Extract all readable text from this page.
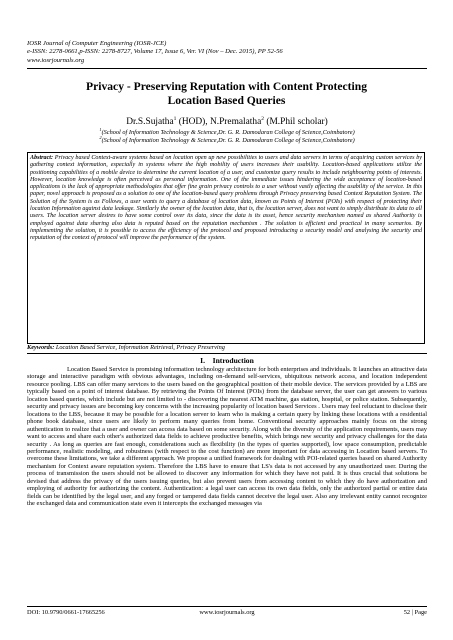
IOSR Journal of Computer Engineering (IOSR-JCE)
e-ISSN: 2278-0661,p-ISSN: 2278-8727, Volume 17, Issue 6, Ver. VI (Nov – Dec. 2015), PP 52-56
www.iosrjournals.org
Privacy - Preserving Reputation with Content Protecting
Location Based Queries
Dr.S.Sujatha$^1$ (HOD), N.Premalatha$^2$ (M.Phil scholar)
$^1$(School of Information Technology & Science,Dr. G. R. Damodaran College of Science,Coimbatore)
$^2$(School of Information Technology & Science,Dr. G. R. Damodaran College of Science,Coimbatore)
Abstract: Privacy based Context-aware systems based on location open up new possibilities to users and data servers in terms of acquiring custom services by gathering context information, especially in systems where the high mobility of users increases their usability. Location-based applications utilize the positioning capabilities of a mobile device to determine the current location of a user, and customize query results to include neighbouring points of interests. However, location knowledge is often perceived as personal information. One of the immediate issues hindering the wide acceptance of location-based applications is the lack of appropriate methodologies that offer fine grain privacy controls to a user without vastly affecting the usability of the service. In this paper, novel approach is proposed as a solution to one of the location-based query problems through Privacy preserving based Context Reputation System. The Solution of the System is as Follows, a user wants to query a database of location data, known as Points of Interest (POIs) with respect of protecting their location Information against data leakage. Similarly the owner of the location data, that is, the location server, does not want to simply distribute its data to all users. The location server desires to have some control over its data, since the data is its asset, hence security mechanism named as shared Authority is employed against data sharing also data is reputed based on the reputation mechanism . The solution is efficient and practical in many scenarios. By implementing the solution, it is possible to access the efficiency of the protocol and proposed introducing a security model and analysing the security and reputation of the context of protocol will improve the performance of the system.
Keywords: Location Based Service, Information Retrieval, Privacy Preserving
I. Introduction
Location Based Service is promising information technology architecture for both enterprises and individuals. It launches an attractive data storage and interactive paradigm with obvious advantages, including on-demand self-services, ubiquitous network access, and location independent resource pooling. LBS can offer many services to the users based on the geographical position of their mobile device. The services provided by a LBS are typically based on a point of interest database. By retrieving the Points Of Interest (POIs) from the database server, the user can get answers to various location based queries, which include but are not limited to - discovering the nearest ATM machine, gas station, hospital, or police station. Subsequently, security and privacy issues are becoming key concerns with the increasing popularity of location based Services . Users may feel reluctant to disclose their locations to the LBS, because it may be possible for a location server to learn who is making a certain query by linking these locations with a residential phone book database, since users are likely to perform many queries from home. Conventional security approaches mainly focus on the strong authentication to realize that a user and owner can access data based on some security. Along with the diversity of the application requirements, users may want to access and share each other's authorized data fields to achieve productive benefits, which brings new security and privacy challenges for the data security . As long as queries are fast enough, considerations such as flexibility (in the types of queries supported), low space consumption, predictable performance, realistic modeling, and robustness (with respect to the cost function) are more important for data accessing in Location based servers. To overcome these limitations, we take a different approach. We propose a unified framework for dealing with POI-related queries based on shared Authority mechanism for Context aware reputation system. Therefore the LBS have to ensure that LS's data is not accessed by any unauthorized user. During the process of transmission the users should not be allowed to discover any information for which they have not paid. It is thus crucial that solutions be devised that address the privacy of the users issuing queries, but also prevent users from accessing content to which they do have authorization and employing of authority for authorizing the content. Authentication: a legal user can access its own data fields, only the authorized partial or entire data fields can be identified by the legal user, and any forged or tampered data fields cannot deceive the legal user. Also any irrelevant entity cannot recognize the exchanged data and communication state even it intercepts the exchanged messages via
DOI: 10.9790/0661-17665256	www.iosrjournals.org	52 | Page
